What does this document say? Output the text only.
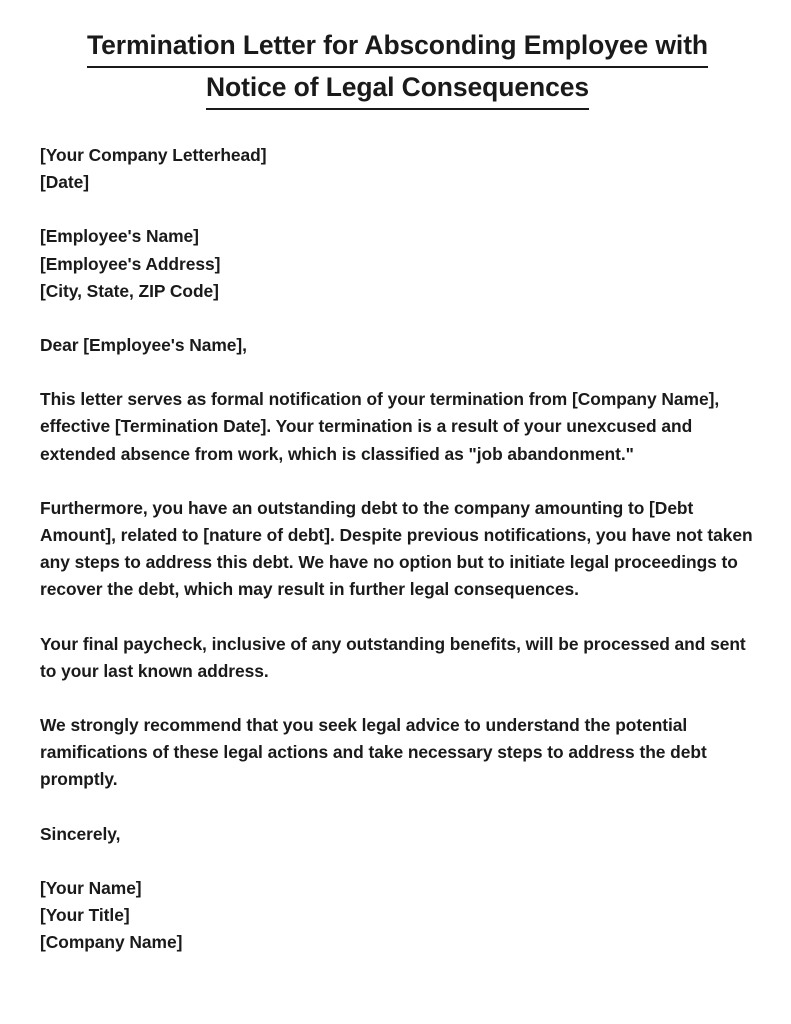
Termination Letter for Absconding Employee with
Notice of Legal Consequences
[Your Company Letterhead]
[Date]
[Employee's Name]
[Employee's Address]
[City, State, ZIP Code]
Dear [Employee's Name],
This letter serves as formal notification of your termination from [Company Name], effective [Termination Date]. Your termination is a result of your unexcused and extended absence from work, which is classified as "job abandonment."
Furthermore, you have an outstanding debt to the company amounting to [Debt Amount], related to [nature of debt]. Despite previous notifications, you have not taken any steps to address this debt. We have no option but to initiate legal proceedings to recover the debt, which may result in further legal consequences.
Your final paycheck, inclusive of any outstanding benefits, will be processed and sent to your last known address.
We strongly recommend that you seek legal advice to understand the potential ramifications of these legal actions and take necessary steps to address the debt promptly.
Sincerely,
[Your Name]
[Your Title]
[Company Name]
